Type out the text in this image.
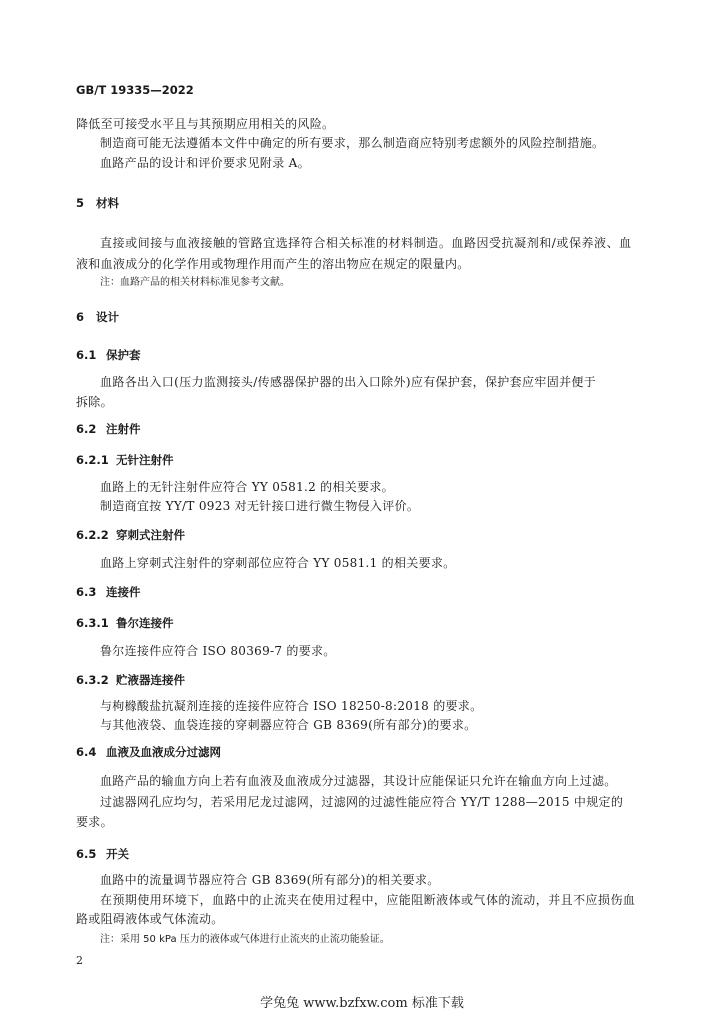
GB/T 19335—2022
降低至可接受水平且与其预期应用相关的风险。
制造商可能无法遵循本文件中确定的所有要求，那么制造商应特别考虑额外的风险控制措施。
血路产品的设计和评价要求见附录 A。
5 材料
直接或间接与血液接触的管路宜选择符合相关标准的材料制造。血路因受抗凝剂和/或保养液、血
液和血液成分的化学作用或物理作用而产生的溶出物应在规定的限量内。
注：血路产品的相关材料标准见参考文献。
6 设计
6.1 保护套
血路各出入口(压力监测接头/传感器保护器的出入口除外)应有保护套，保护套应牢固并便于
拆除。
6.2 注射件
6.2.1 无针注射件
血路上的无针注射件应符合 YY 0581.2 的相关要求。
制造商宜按 YY/T 0923 对无针接口进行微生物侵入评价。
6.2.2 穿刺式注射件
血路上穿刺式注射件的穿刺部位应符合 YY 0581.1 的相关要求。
6.3 连接件
6.3.1 鲁尔连接件
鲁尔连接件应符合 ISO 80369-7 的要求。
6.3.2 贮液器连接件
与枸橼酸盐抗凝剂连接的连接件应符合 ISO 18250-8:2018 的要求。
与其他液袋、血袋连接的穿刺器应符合 GB 8369(所有部分)的要求。
6.4 血液及血液成分过滤网
血路产品的输血方向上若有血液及血液成分过滤器，其设计应能保证只允许在输血方向上过滤。
过滤器网孔应均匀，若采用尼龙过滤网，过滤网的过滤性能应符合 YY/T 1288—2015 中规定的
要求。
6.5 开关
血路中的流量调节器应符合 GB 8369(所有部分)的相关要求。
在预期使用环境下，血路中的止流夹在使用过程中，应能阻断液体或气体的流动，并且不应损伤血
路或阻碍液体或气体流动。
注：采用 50 kPa 压力的液体或气体进行止流夹的止流功能验证。
2
学兔兔 www.bzfxw.com 标准下载
